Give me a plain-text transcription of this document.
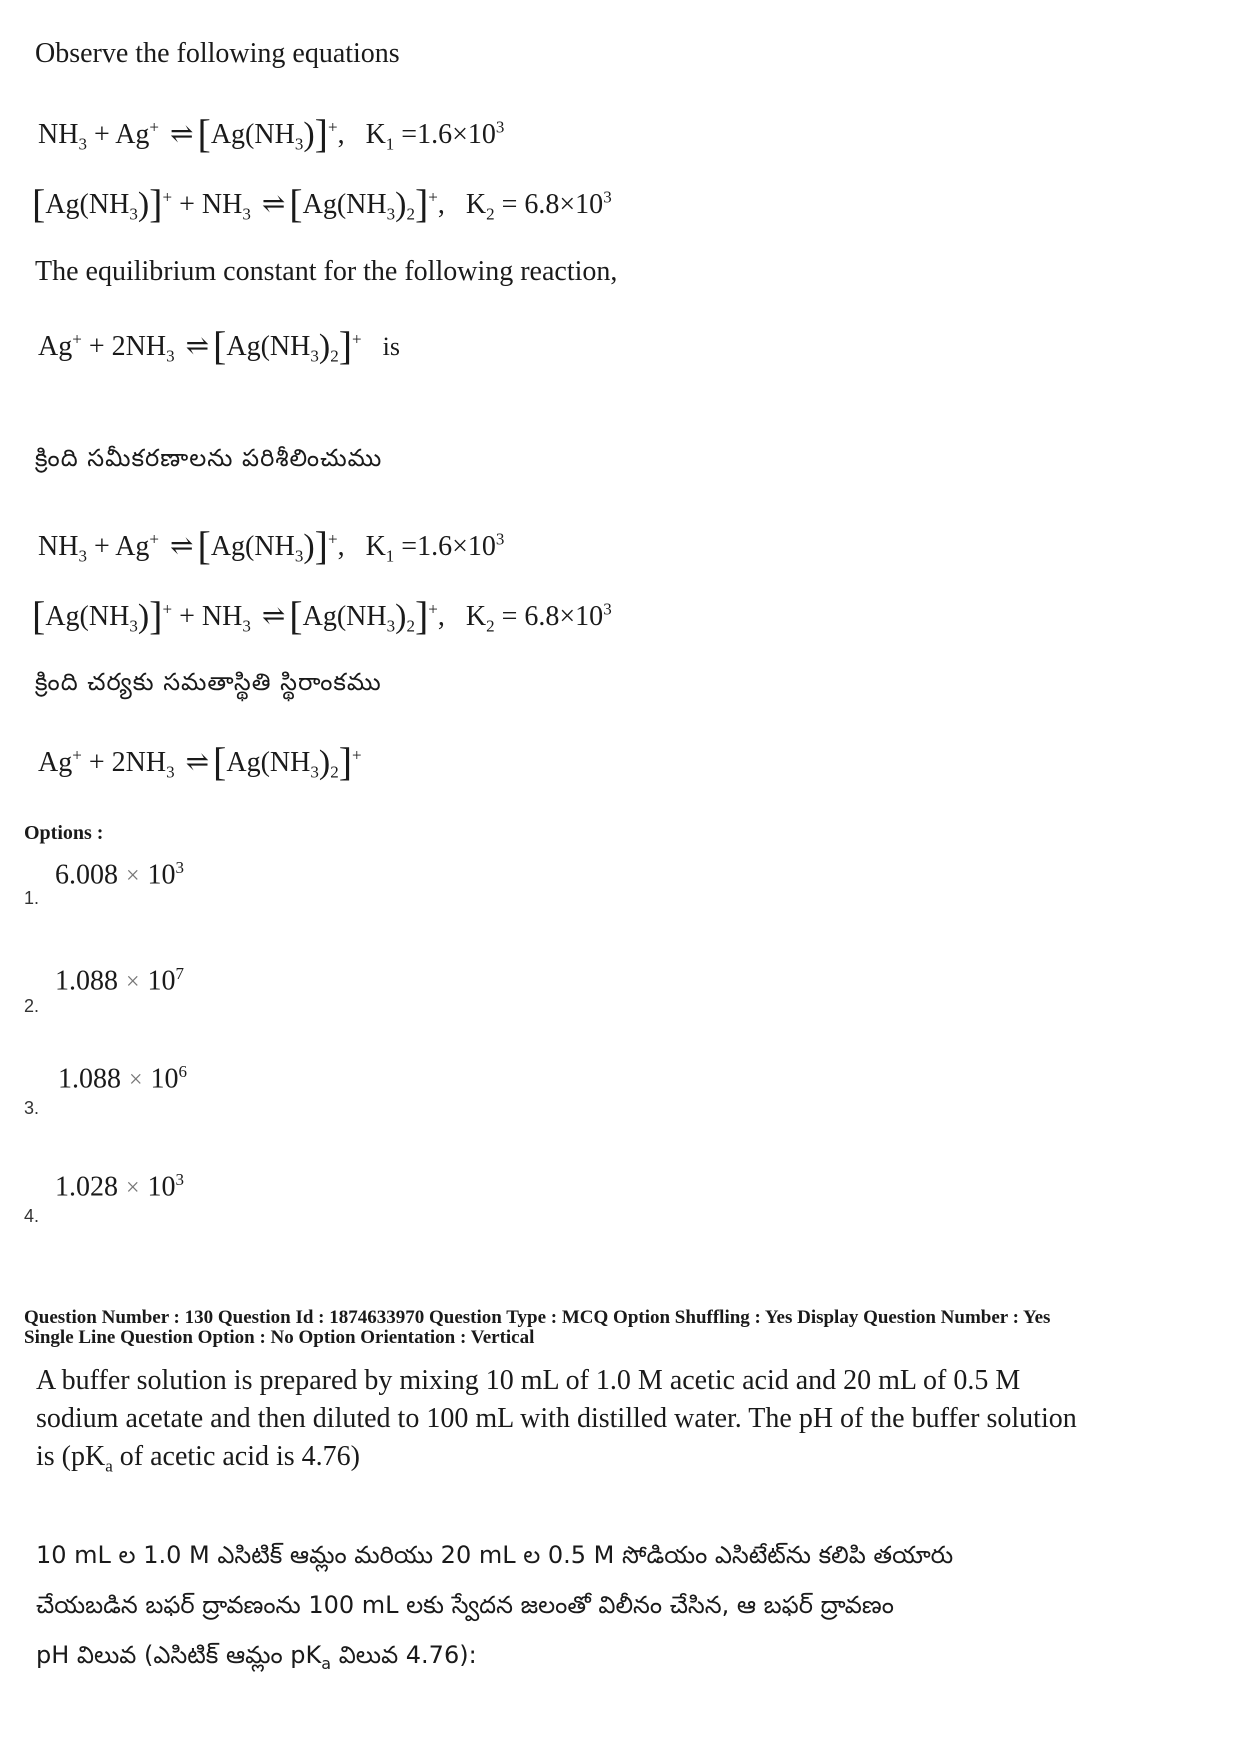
Observe the following equations
$NH_3 + Ag^+$ ⇌ $[Ag(NH_3)]^+$,   $K_1 =1.6\times 10^3$
$[Ag(NH_3)]^+ + NH_3$ ⇌ $[Ag(NH_3)_2]^+$,   $K_2 = 6.8\times 10^3$
The equilibrium constant for the following reaction,
$Ag^+ + 2NH_3$ ⇌ $[Ag(NH_3)_2]^+$ is
క్రింది సమీకరణాలను పరిశీలించుము
$NH_3 + Ag^+$ ⇌ $[Ag(NH_3)]^+$,   $K_1 =1.6\times 10^3$
$[Ag(NH_3)]^+ + NH_3$ ⇌ $[Ag(NH_3)_2]^+$,   $K_2 = 6.8\times 10^3$
క్రింది చర్యకు సమతాస్థితి స్థిరాంకము
$Ag^+ + 2NH_3$ ⇌ $[Ag(NH_3)_2]^+$
Options :
$6.008 \times 10^3$
1.
$1.088 \times 10^7$
2.
$1.088 \times 10^6$
3.
$1.028 \times 10^3$
4.
Question Number : 130 Question Id : 1874633970 Question Type : MCQ Option Shuffling : Yes Display Question Number : Yes
Single Line Question Option : No Option Orientation : Vertical
A buffer solution is prepared by mixing 10 mL of 1.0 M acetic acid and 20 mL of 0.5 M
sodium acetate and then diluted to 100 mL with distilled water. The pH of the buffer solution
is ($pK_a$ of acetic acid is 4.76)
10 mL ల 1.0 M ఎసిటిక్ ఆమ్లం మరియు 20 mL ల 0.5 M సోడియం ఎసిటేట్‌ను కలిపి తయారు
చేయబడిన బఫర్ ద్రావణంను 100 mL లకు స్వేదన జలంతో విలీనం చేసిన, ఆ బఫర్ ద్రావణం
pH విలువ (ఎసిటిక్ ఆమ్లం $pK_a$ విలువ 4.76):
